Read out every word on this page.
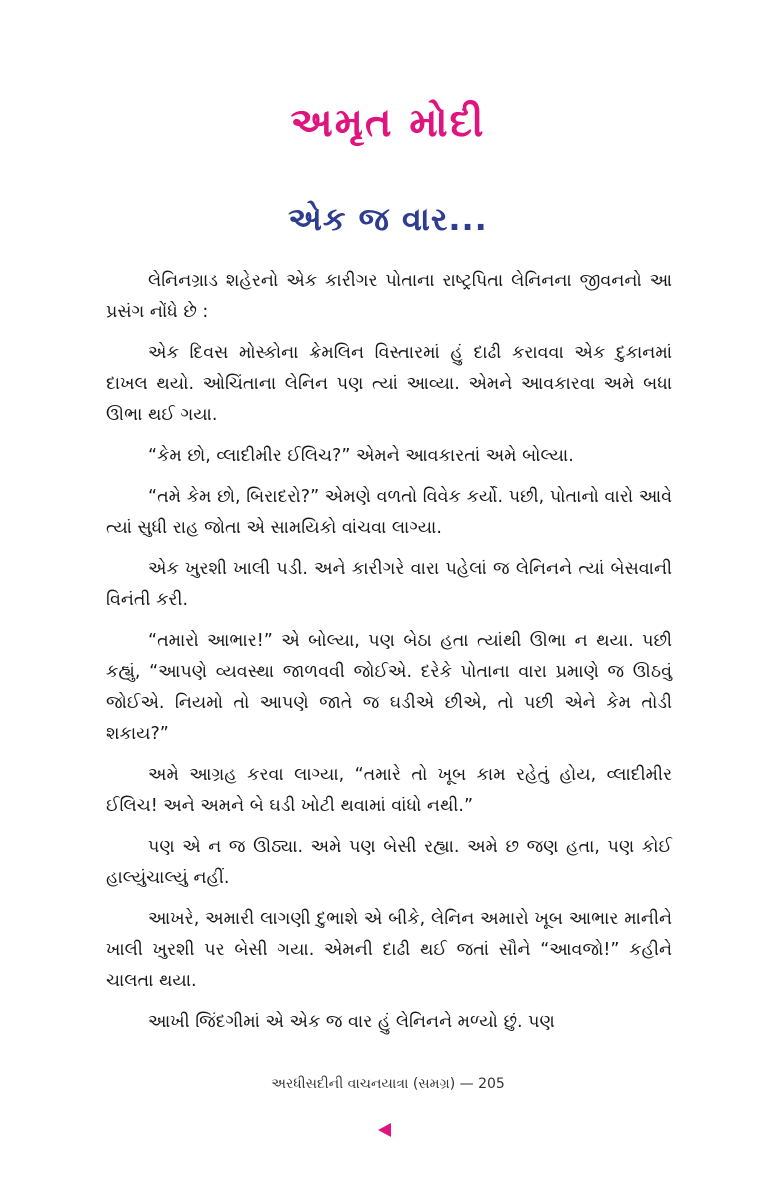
અમૃત મોદી
એક જ વાર...

લેનિનગ્રાડ શહેરનો એક કારીગર પોતાના રાષ્ટ્રપિતા લેનિનના જીવનનો આ પ્રસંગ નોંધે છે :

એક દિવસ મોસ્કોના ક્રેમલિન વિસ્તારમાં હું દાઢી કરાવવા એક દુકાનમાં દાખલ થયો. ઓચિંતાના લેનિન પણ ત્યાં આવ્યા. એમને આવકારવા અમે બધા ઊભા થઈ ગયા.

“કેમ છો, વ્લાદીમીર ઈલિચ?” એમને આવકારતાં અમે બોલ્યા.

“તમે કેમ છો, બિરાદરો?” એમણે વળતો વિવેક કર્યો. પછી, પોતાનો વારો આવે ત્યાં સુધી રાહ જોતા એ સામયિકો વાંચવા લાગ્યા.

એક ખુરશી ખાલી પડી. અને કારીગરે વારા પહેલાં જ લેનિનને ત્યાં બેસવાની વિનંતી કરી.

“તમારો આભાર!” એ બોલ્યા, પણ બેઠા હતા ત્યાંથી ઊભા ન થયા. પછી કહ્યું, “આપણે વ્યવસ્થા જાળવવી જોઈએ. દરેકે પોતાના વારા પ્રમાણે જ ઊઠવું જોઈએ. નિયમો તો આપણે જાતે જ ઘડીએ છીએ, તો પછી એને કેમ તોડી શકાય?”

અમે આગ્રહ કરવા લાગ્યા, “તમારે તો ખૂબ કામ રહેતું હોય, વ્લાદીમીર ઈલિચ! અને અમને બે ઘડી ખોટી થવામાં વાંધો નથી.”

પણ એ ન જ ઊઠ્યા. અમે પણ બેસી રહ્યા. અમે છ જણ હતા, પણ કોઈ હાલ્યુંચાલ્યું નહીં.

આખરે, અમારી લાગણી દુભાશે એ બીકે, લેનિન અમારો ખૂબ આભાર માનીને ખાલી ખુરશી પર બેસી ગયા. એમની દાઢી થઈ જતાં સૌને “આવજો!” કહીને ચાલતા થયા.

આખી જિંદગીમાં એ એક જ વાર હું લેનિનને મળ્યો છું. પણ

અરધીસદીની વાચનયાત્રા (સમગ્ર) — 205
